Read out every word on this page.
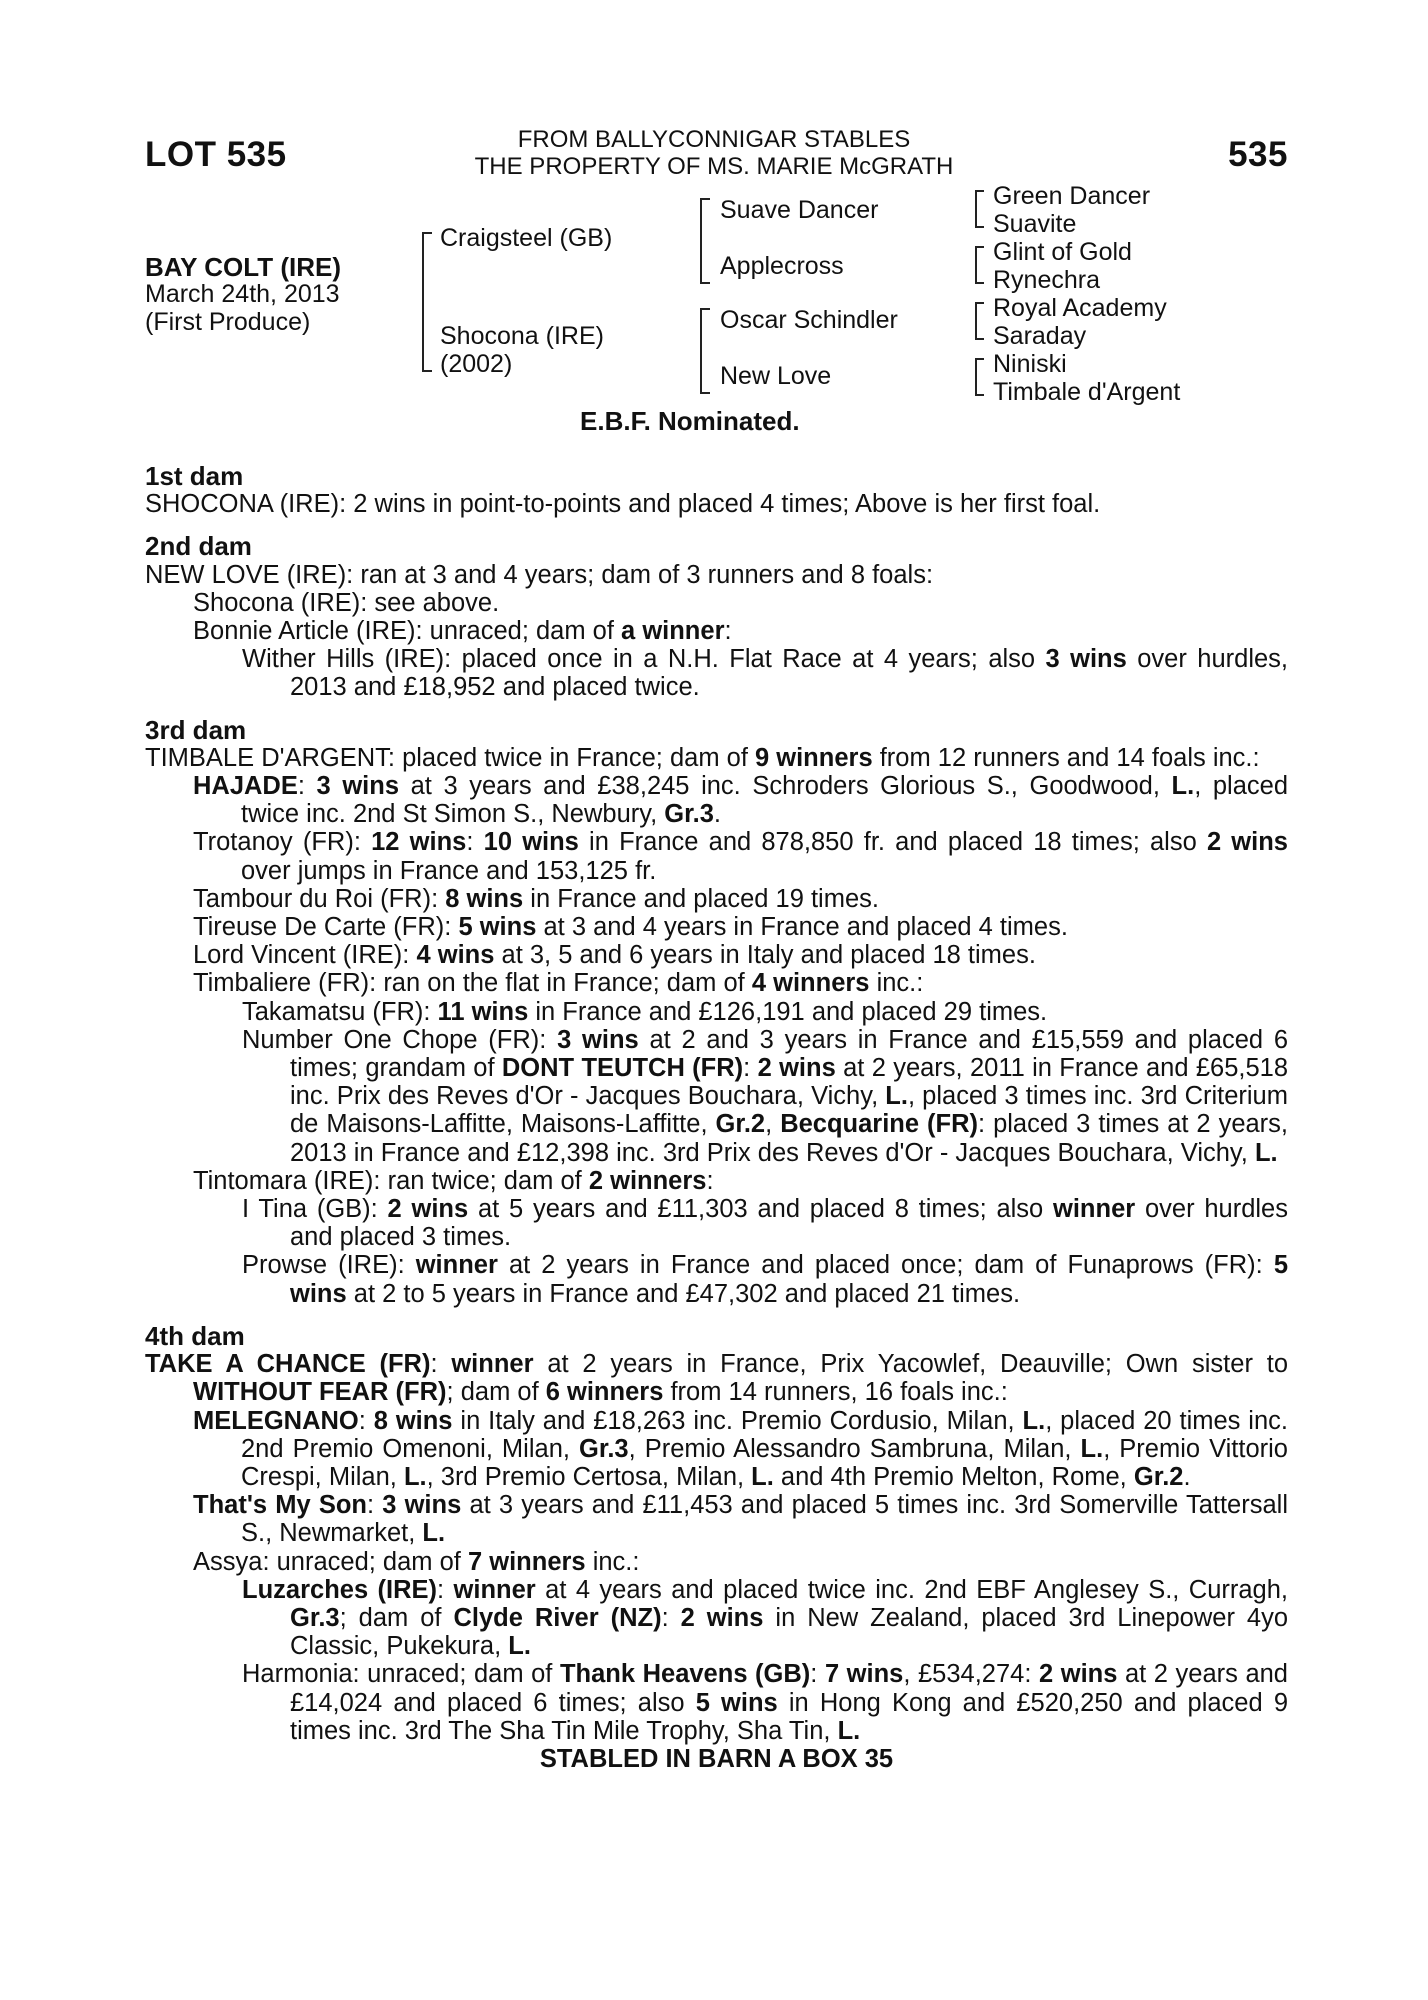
LOT 535	535
FROM BALLYCONNIGAR STABLES
THE PROPERTY OF MS. MARIE McGRATH
BAY COLT (IRE)
March 24th, 2013
(First Produce)
Craigsteel (GB)
Shocona (IRE)
(2002)
Suave Dancer
Applecross
Oscar Schindler
New Love
Green Dancer
Suavite
Glint of Gold
Rynechra
Royal Academy
Saraday
Niniski
Timbale d'Argent
E.B.F. Nominated.

1st dam

SHOCONA (IRE): 2 wins in point-to-points and placed 4 times; Above is her first foal.

2nd dam

NEW LOVE (IRE): ran at 3 and 4 years; dam of 3 runners and 8 foals:

Shocona (IRE): see above.

Bonnie Article (IRE): unraced; dam of a winner:

Wither Hills (IRE): placed once in a N.H. Flat Race at 4 years; also 3 wins over hurdles, 2013 and £18,952 and placed twice.

3rd dam

TIMBALE D'ARGENT: placed twice in France; dam of 9 winners from 12 runners and 14 foals inc.:

HAJADE: 3 wins at 3 years and £38,245 inc. Schroders Glorious S., Goodwood, L., placed twice inc. 2nd St Simon S., Newbury, Gr.3.

Trotanoy (FR): 12 wins: 10 wins in France and 878,850 fr. and placed 18 times; also 2 wins over jumps in France and 153,125 fr.

Tambour du Roi (FR): 8 wins in France and placed 19 times.

Tireuse De Carte (FR): 5 wins at 3 and 4 years in France and placed 4 times.

Lord Vincent (IRE): 4 wins at 3, 5 and 6 years in Italy and placed 18 times.

Timbaliere (FR): ran on the flat in France; dam of 4 winners inc.:

Takamatsu (FR): 11 wins in France and £126,191 and placed 29 times.

Number One Chope (FR): 3 wins at 2 and 3 years in France and £15,559 and placed 6 times; grandam of DONT TEUTCH (FR): 2 wins at 2 years, 2011 in France and £65,518 inc. Prix des Reves d'Or - Jacques Bouchara, Vichy, L., placed 3 times inc. 3rd Criterium de Maisons-Laffitte, Maisons-Laffitte, Gr.2, Becquarine (FR): placed 3 times at 2 years, 2013 in France and £12,398 inc. 3rd Prix des Reves d'Or - Jacques Bouchara, Vichy, L.

Tintomara (IRE): ran twice; dam of 2 winners:

I Tina (GB): 2 wins at 5 years and £11,303 and placed 8 times; also winner over hurdles and placed 3 times.

Prowse (IRE): winner at 2 years in France and placed once; dam of Funaprows (FR): 5 wins at 2 to 5 years in France and £47,302 and placed 21 times.

4th dam

TAKE A CHANCE (FR): winner at 2 years in France, Prix Yacowlef, Deauville; Own sister to WITHOUT FEAR (FR); dam of 6 winners from 14 runners, 16 foals inc.:

MELEGNANO: 8 wins in Italy and £18,263 inc. Premio Cordusio, Milan, L., placed 20 times inc. 2nd Premio Omenoni, Milan, Gr.3, Premio Alessandro Sambruna, Milan, L., Premio Vittorio Crespi, Milan, L., 3rd Premio Certosa, Milan, L. and 4th Premio Melton, Rome, Gr.2.

That's My Son: 3 wins at 3 years and £11,453 and placed 5 times inc. 3rd Somerville Tattersall S., Newmarket, L.

Assya: unraced; dam of 7 winners inc.:

Luzarches (IRE): winner at 4 years and placed twice inc. 2nd EBF Anglesey S., Curragh, Gr.3; dam of Clyde River (NZ): 2 wins in New Zealand, placed 3rd Linepower 4yo Classic, Pukekura, L.

Harmonia: unraced; dam of Thank Heavens (GB): 7 wins, £534,274: 2 wins at 2 years and £14,024 and placed 6 times; also 5 wins in Hong Kong and £520,250 and placed 9 times inc. 3rd The Sha Tin Mile Trophy, Sha Tin, L.

STABLED IN BARN A BOX 35
